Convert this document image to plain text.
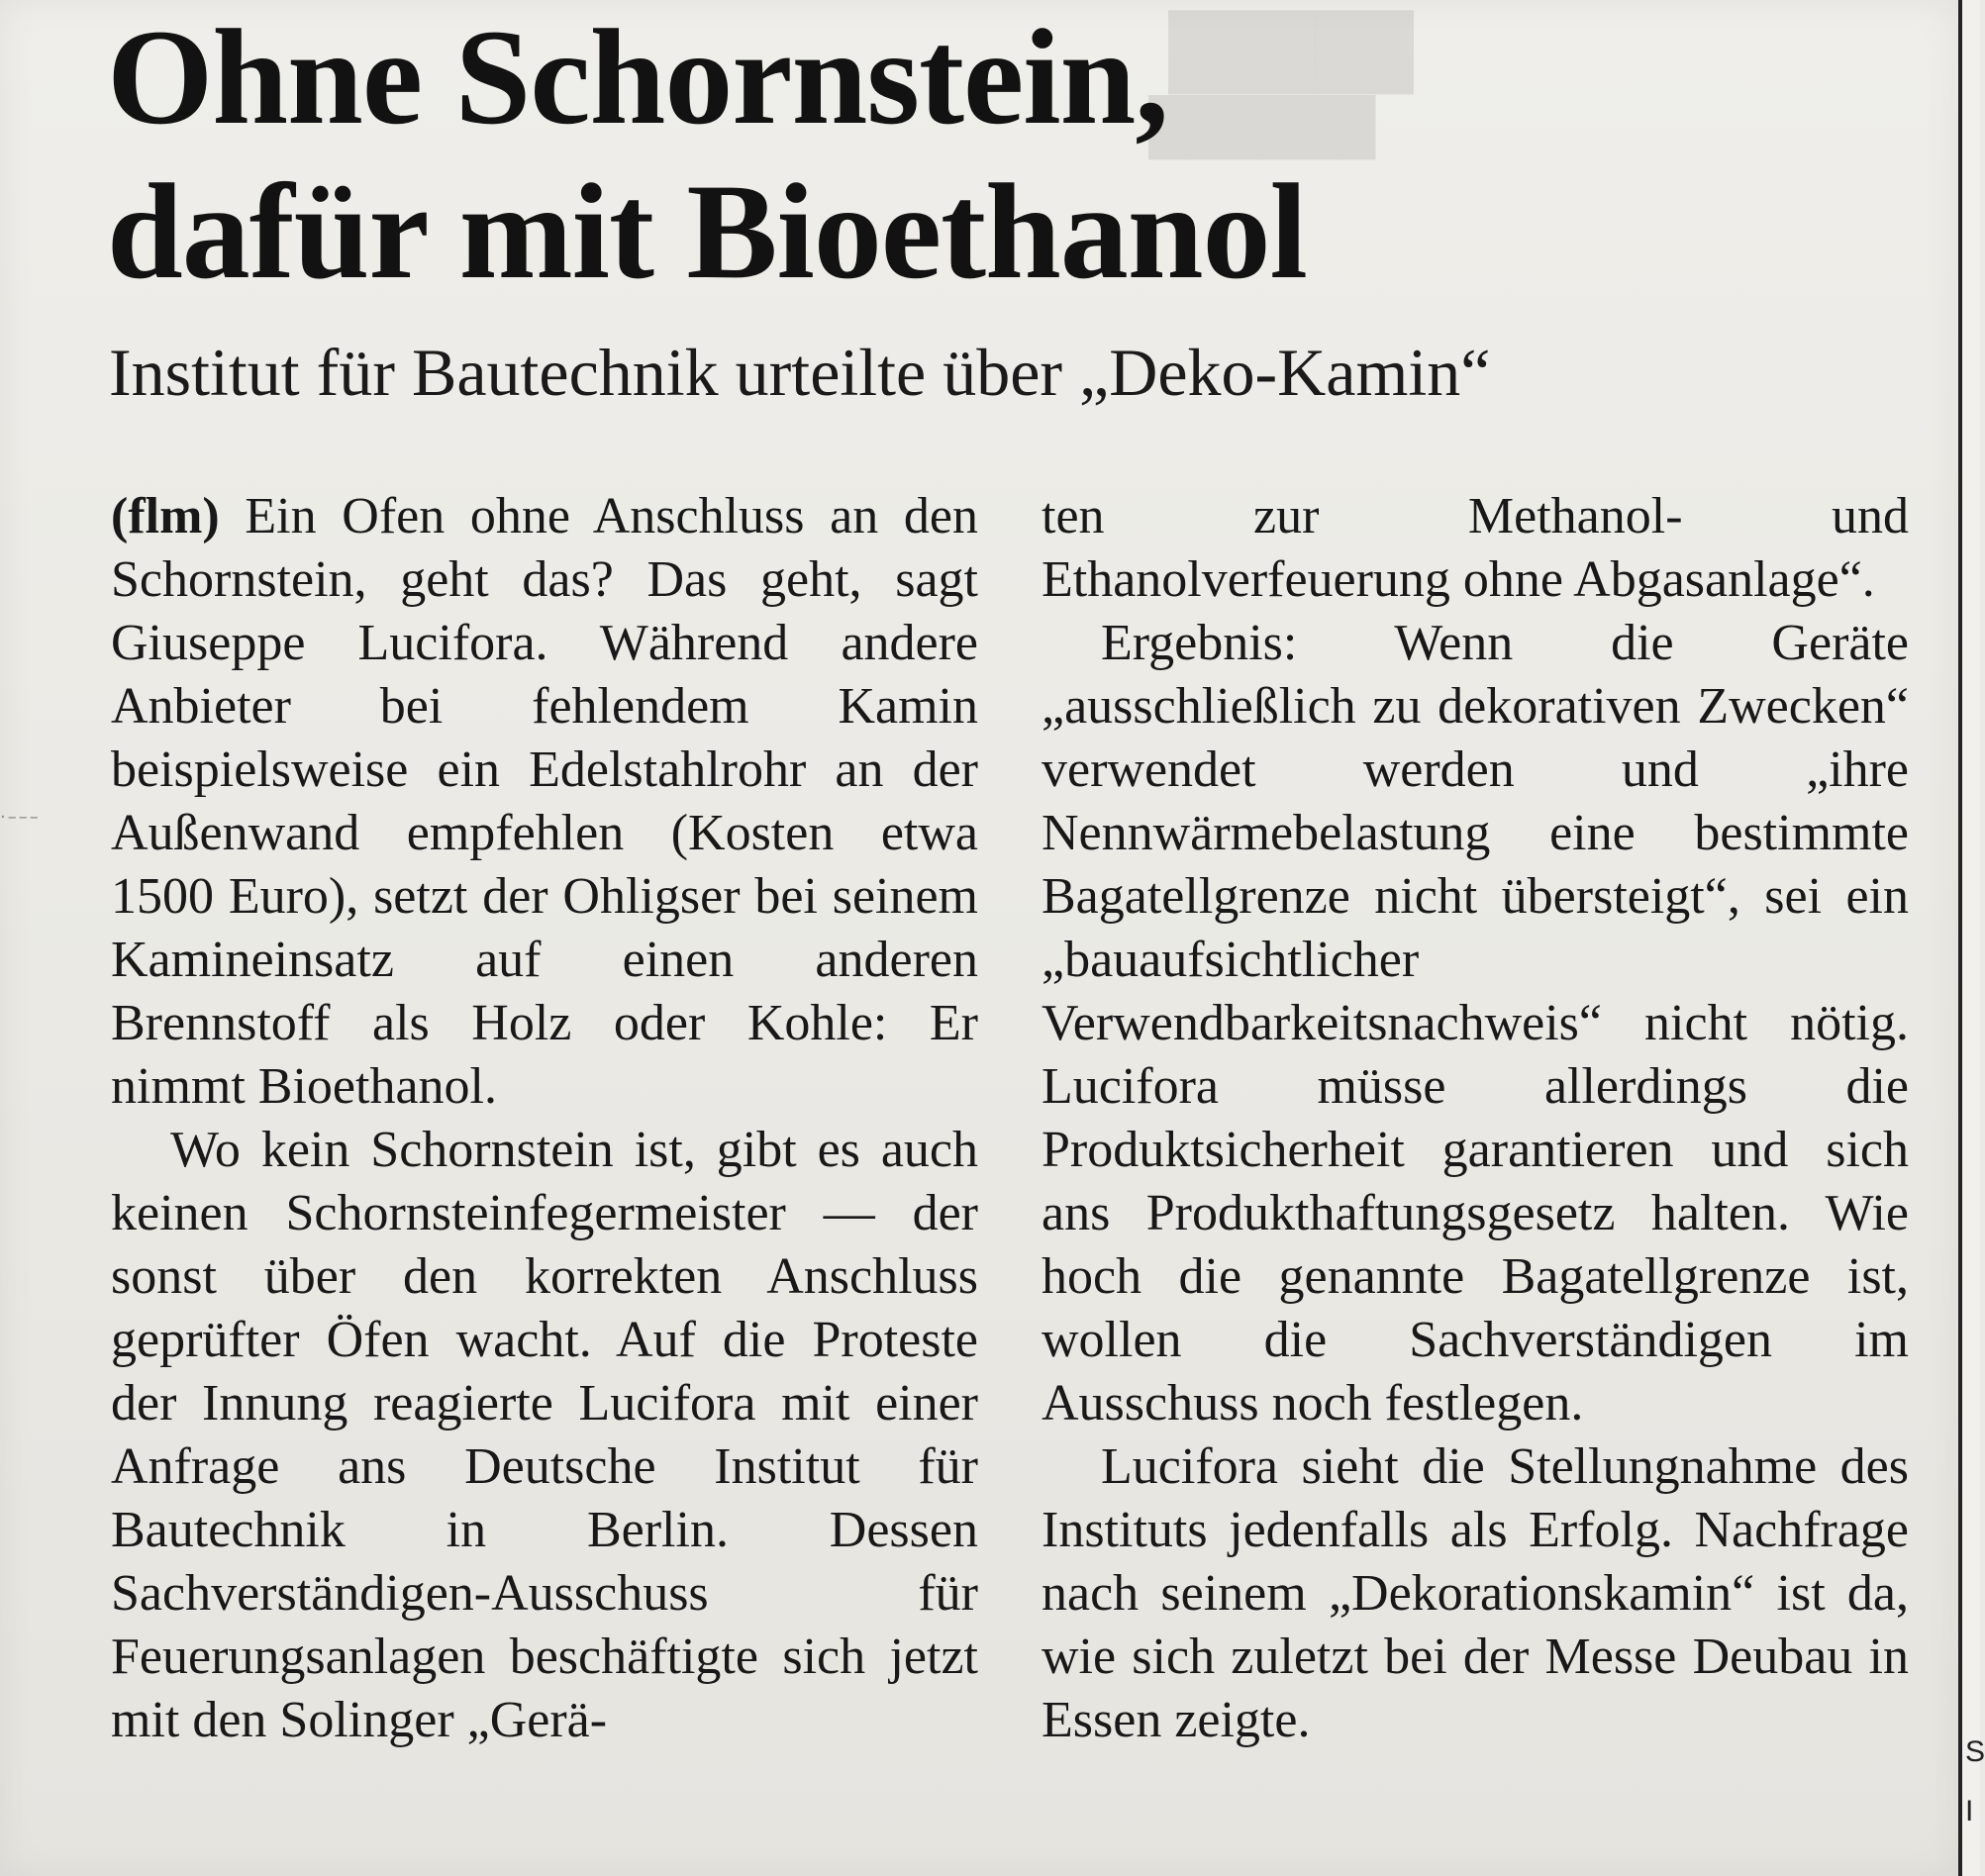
█████
██████
Ohne Schornstein,
dafür mit Bioethanol
Institut für Bautechnik urteilte über „Deko-Kamin“
·–––

(flm) Ein Ofen ohne Anschluss an den Schornstein, geht das? Das geht, sagt Giuseppe Lucifora. Während andere Anbieter bei fehlendem Kamin beispielsweise ein Edelstahlrohr an der Außenwand empfehlen (Kosten etwa 1500 Euro), setzt der Ohligser bei seinem Kamineinsatz auf einen anderen Brennstoff als Holz oder Kohle: Er nimmt Bioethanol.

Wo kein Schornstein ist, gibt es auch keinen Schornsteinfegermeister — der sonst über den korrekten Anschluss geprüfter Öfen wacht. Auf die Proteste der Innung reagierte Lucifora mit einer Anfrage ans Deutsche Institut für Bautechnik in Berlin. Dessen Sachverständigen-Ausschuss für Feuerungsanlagen beschäftigte sich jetzt mit den Solinger „Gerä-

ten zur Methanol- und Ethanolverfeuerung ohne Abgasanlage“.

Ergebnis: Wenn die Geräte „ausschließlich zu dekorativen Zwecken“ verwendet werden und „ihre Nennwärmebelastung eine bestimmte Bagatellgrenze nicht übersteigt“, sei ein „bauaufsichtlicher Verwendbarkeitsnachweis“ nicht nötig. Lucifora müsse allerdings die Produktsicherheit garantieren und sich ans Produkthaftungsgesetz halten. Wie hoch die genannte Bagatellgrenze ist, wollen die Sachverständigen im Ausschuss noch festlegen.

Lucifora sieht die Stellungnahme des Instituts jedenfalls als Erfolg. Nachfrage nach seinem „Dekorationskamin“ ist da, wie sich zuletzt bei der Messe Deubau in Essen zeigte.

S
I
